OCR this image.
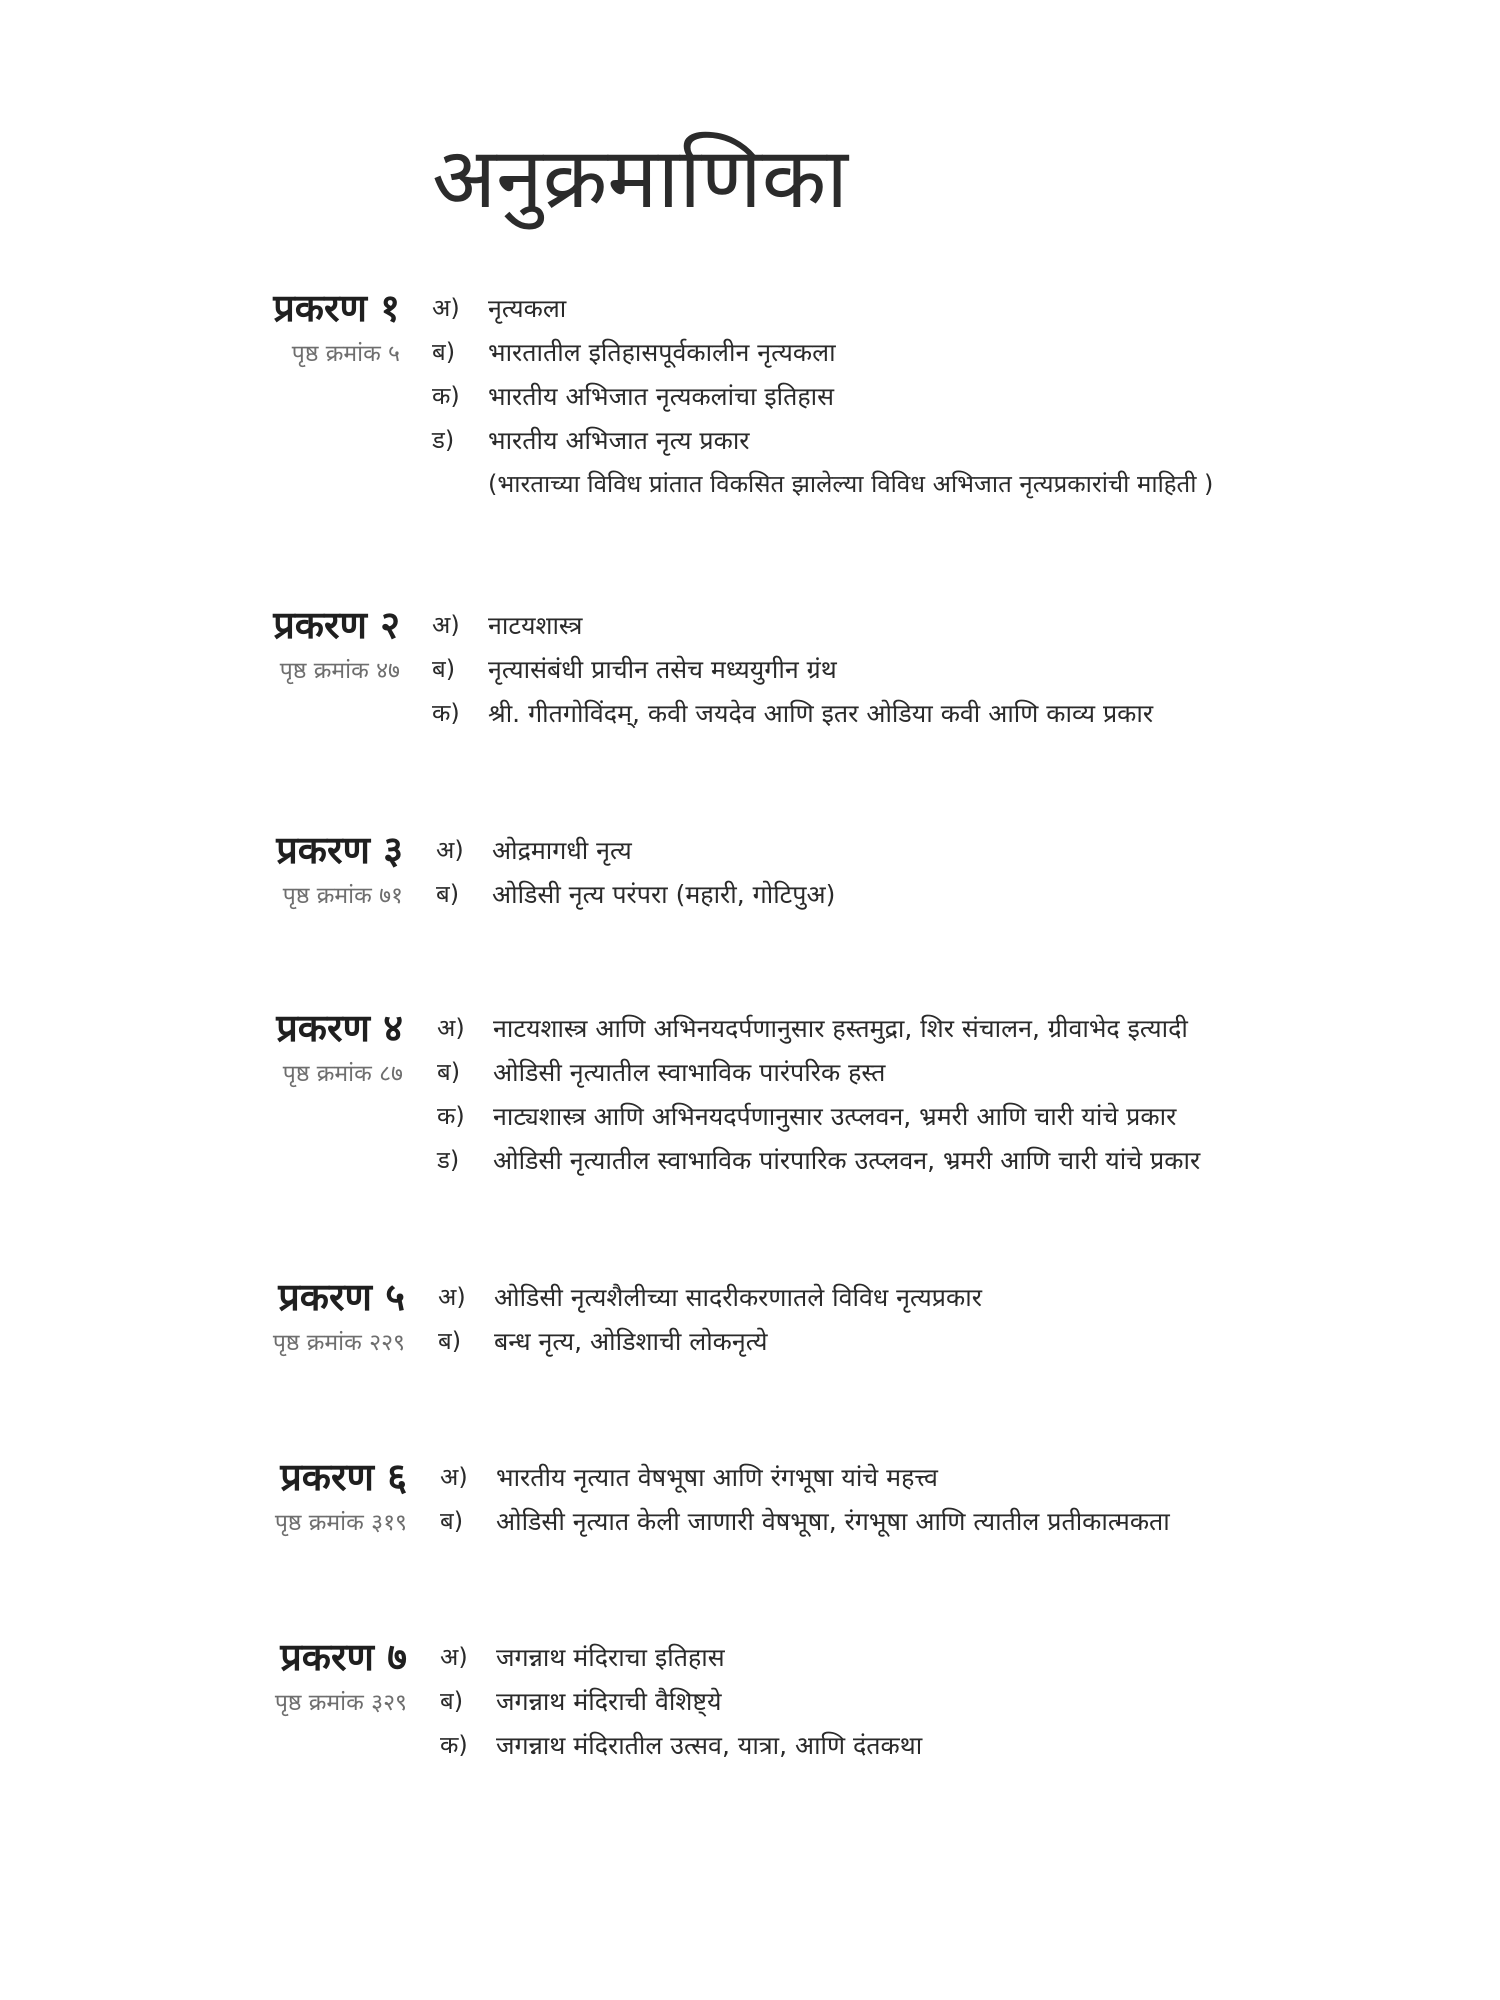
अनुक्रमाणिका
प्रकरण १
पृष्ठ क्रमांक ५
अ)	नृत्यकला
ब)	भारतातील इतिहासपूर्वकालीन नृत्यकला
क)	भारतीय अभिजात नृत्यकलांचा इतिहास
ड)	भारतीय अभिजात नृत्य प्रकार
(भारताच्या विविध प्रांतात विकसित झालेल्या विविध अभिजात नृत्यप्रकारांची माहिती )
प्रकरण २
पृष्ठ क्रमांक ४७
अ)	नाटयशास्त्र
ब)	नृत्यासंबंधी प्राचीन तसेच मध्ययुगीन ग्रंथ
क)	श्री. गीतगोविंदम्, कवी जयदेव आणि इतर ओडिया कवी आणि काव्य प्रकार
प्रकरण ३
पृष्ठ क्रमांक ७१
अ)	ओद्रमागधी नृत्य
ब)	ओडिसी नृत्य परंपरा (महारी, गोटिपुअ)
प्रकरण ४
पृष्ठ क्रमांक ८७
अ)	नाटयशास्त्र आणि अभिनयदर्पणानुसार हस्तमुद्रा, शिर संचालन, ग्रीवाभेद इत्यादी
ब)	ओडिसी नृत्यातील स्वाभाविक पारंपरिक हस्त
क)	नाट्यशास्त्र आणि अभिनयदर्पणानुसार उत्प्लवन, भ्रमरी आणि चारी यांचे प्रकार
ड)	ओडिसी नृत्यातील स्वाभाविक पांरपारिक उत्प्लवन, भ्रमरी आणि चारी यांचे प्रकार
प्रकरण ५
पृष्ठ क्रमांक २२९
अ)	ओडिसी नृत्यशैलीच्या सादरीकरणातले विविध नृत्यप्रकार
ब)	बन्ध नृत्य, ओडिशाची लोकनृत्ये
प्रकरण ६
पृष्ठ क्रमांक ३१९
अ)	भारतीय नृत्यात वेषभूषा आणि रंगभूषा यांचे महत्त्व
ब)	ओडिसी नृत्यात केली जाणारी वेषभूषा, रंगभूषा आणि त्यातील प्रतीकात्मकता
प्रकरण ७
पृष्ठ क्रमांक ३२९
अ)	जगन्नाथ मंदिराचा इतिहास
ब)	जगन्नाथ मंदिराची वैशिष्ट्ये
क)	जगन्नाथ मंदिरातील उत्सव, यात्रा, आणि दंतकथा
